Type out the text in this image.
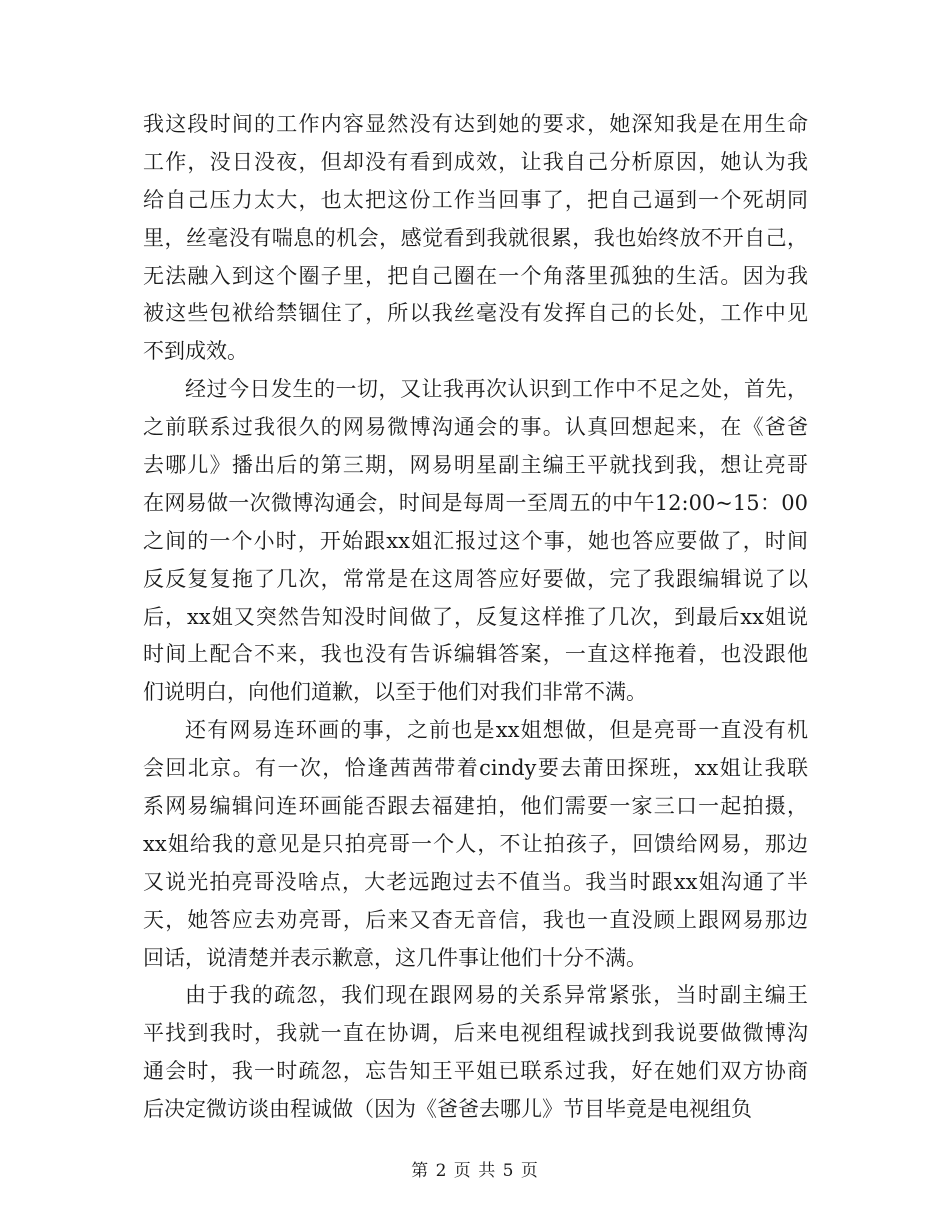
我这段时间的工作内容显然没有达到她的要求，她深知我是在用生命
工作，没日没夜，但却没有看到成效，让我自己分析原因，她认为我
给自己压力太大，也太把这份工作当回事了，把自己逼到一个死胡同
里，丝毫没有喘息的机会，感觉看到我就很累，我也始终放不开自己，
无法融入到这个圈子里，把自己圈在一个角落里孤独的生活。因为我
被这些包袱给禁锢住了，所以我丝毫没有发挥自己的长处，工作中见
不到成效。
经过今日发生的一切，又让我再次认识到工作中不足之处，首先，
之前联系过我很久的网易微博沟通会的事。认真回想起来，在《爸爸
去哪儿》播出后的第三期，网易明星副主编王平就找到我，想让亮哥
在网易做一次微博沟通会，时间是每周一至周五的中午12:00~15：00
之间的一个小时，开始跟xx姐汇报过这个事，她也答应要做了，时间
反反复复拖了几次，常常是在这周答应好要做，完了我跟编辑说了以
后，xx姐又突然告知没时间做了，反复这样推了几次，到最后xx姐说
时间上配合不来，我也没有告诉编辑答案，一直这样拖着，也没跟他
们说明白，向他们道歉，以至于他们对我们非常不满。
还有网易连环画的事，之前也是xx姐想做，但是亮哥一直没有机
会回北京。有一次，恰逢茜茜带着cindy要去莆田探班，xx姐让我联
系网易编辑问连环画能否跟去福建拍，他们需要一家三口一起拍摄，
xx姐给我的意见是只拍亮哥一个人，不让拍孩子，回馈给网易，那边
又说光拍亮哥没啥点，大老远跑过去不值当。我当时跟xx姐沟通了半
天，她答应去劝亮哥，后来又杳无音信，我也一直没顾上跟网易那边
回话，说清楚并表示歉意，这几件事让他们十分不满。
由于我的疏忽，我们现在跟网易的关系异常紧张，当时副主编王
平找到我时，我就一直在协调，后来电视组程诚找到我说要做微博沟
通会时，我一时疏忽，忘告知王平姐已联系过我，好在她们双方协商
后决定微访谈由程诚做（因为《爸爸去哪儿》节目毕竟是电视组负
第 2 页 共 5 页
